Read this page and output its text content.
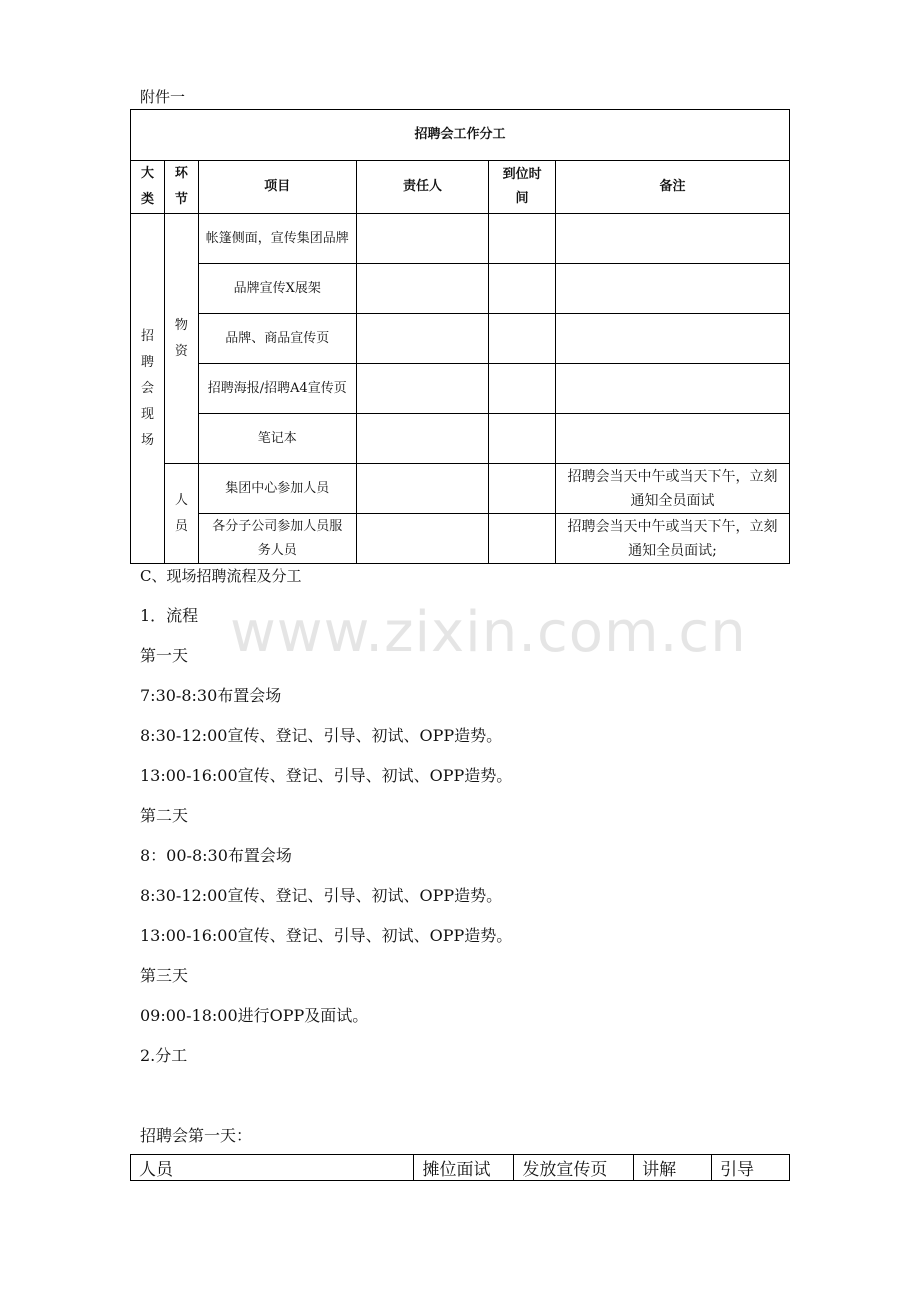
附件一
招聘会工作分工					
大类	环节	项目	责任人	到位时间	备注
招聘会现场	物资	帐篷侧面，宣传集团品牌			
		品牌宣传X展架			
		品牌、商品宣传页			
		招聘海报/招聘A4宣传页			
		笔记本			
	人员	集团中心参加人员			招聘会当天中午或当天下午，立刻通知全员面试
		各分子公司参加人员服务人员			招聘会当天中午或当天下午，立刻通知全员面试;
www.zixin.com.cn
C、现场招聘流程及分工
1．流程
第一天
7:30-8:30布置会场
8:30-12:00宣传、登记、引导、初试、OPP造势。
13:00-16:00宣传、登记、引导、初试、OPP造势。
第二天
8：00-8:30布置会场
8:30-12:00宣传、登记、引导、初试、OPP造势。
13:00-16:00宣传、登记、引导、初试、OPP造势。
第三天
09:00-18:00进行OPP及面试。
2.分工
招聘会第一天：
人员	摊位面试	发放宣传页	讲解	引导
